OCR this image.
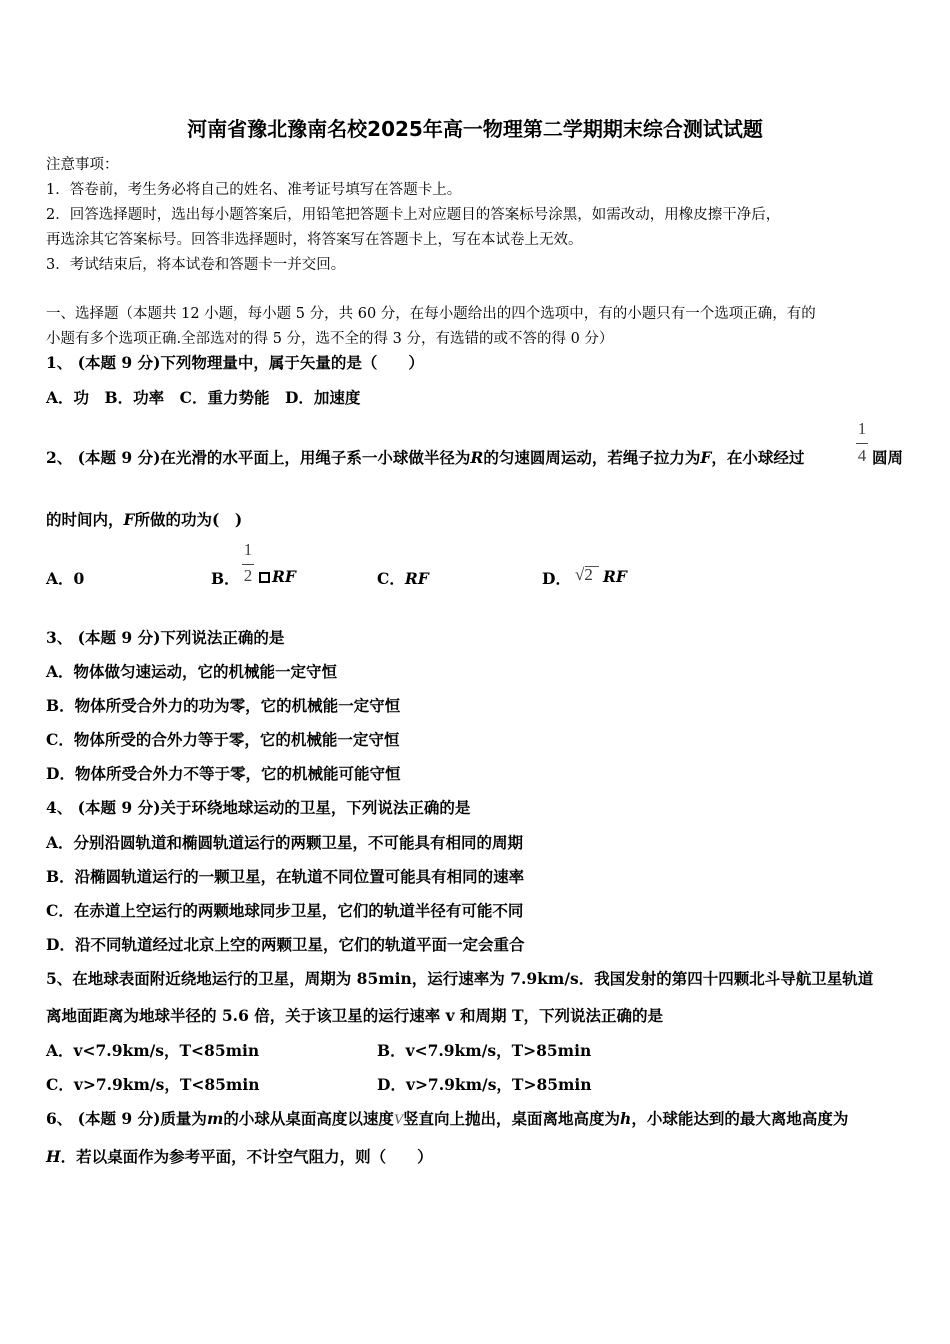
河南省豫北豫南名校2025年高一物理第二学期期末综合测试试题
注意事项：
1．答卷前，考生务必将自己的姓名、准考证号填写在答题卡上。
2．回答选择题时，选出每小题答案后，用铅笔把答题卡上对应题目的答案标号涂黑，如需改动，用橡皮擦干净后，
再选涂其它答案标号。回答非选择题时，将答案写在答题卡上，写在本试卷上无效。
3．考试结束后，将本试卷和答题卡一并交回。
一、选择题（本题共 12 小题，每小题 5 分，共 60 分，在每小题给出的四个选项中，有的小题只有一个选项正确，有的
小题有多个选项正确.全部选对的得 5 分，选不全的得 3 分，有选错的或不答的得 0 分）
1、 (本题 9 分)下列物理量中，属于矢量的是（　　）
A．功　B．功率　C．重力势能　D．加速度
2、 (本题 9 分)在光滑的水平面上，用绳子系一小球做半径为R的匀速圆周运动，若绳子拉力为F，在小球经过
1
4 圆周
的时间内，F所做的功为(　)
A．0	B．
1
2	RF	C．RF	D． √2 RF
3、 (本题 9 分)下列说法正确的是
A．物体做匀速运动，它的机械能一定守恒
B．物体所受合外力的功为零，它的机械能一定守恒
C．物体所受的合外力等于零，它的机械能一定守恒
D．物体所受合外力不等于零，它的机械能可能守恒
4、 (本题 9 分)关于环绕地球运动的卫星，下列说法正确的是
A．分别沿圆轨道和椭圆轨道运行的两颗卫星，不可能具有相同的周期
B．沿椭圆轨道运行的一颗卫星，在轨道不同位置可能具有相同的速率
C．在赤道上空运行的两颗地球同步卫星，它们的轨道半径有可能不同
D．沿不同轨道经过北京上空的两颗卫星，它们的轨道平面一定会重合
5、在地球表面附近绕地运行的卫星，周期为 85min，运行速率为 7.9km/s．我国发射的第四十四颗北斗导航卫星轨道
离地面距离为地球半径的 5.6 倍，关于该卫星的运行速率 v 和周期 T，下列说法正确的是
A．v<7.9km/s，T<85min	B．v<7.9km/s，T>85min
C．v>7.9km/s，T<85min	D．v>7.9km/s，T>85min
6、 (本题 9 分)质量为m的小球从桌面高度以速度V竖直向上抛出，桌面离地高度为h，小球能达到的最大离地高度为
H．若以桌面作为参考平面，不计空气阻力，则（　　）
